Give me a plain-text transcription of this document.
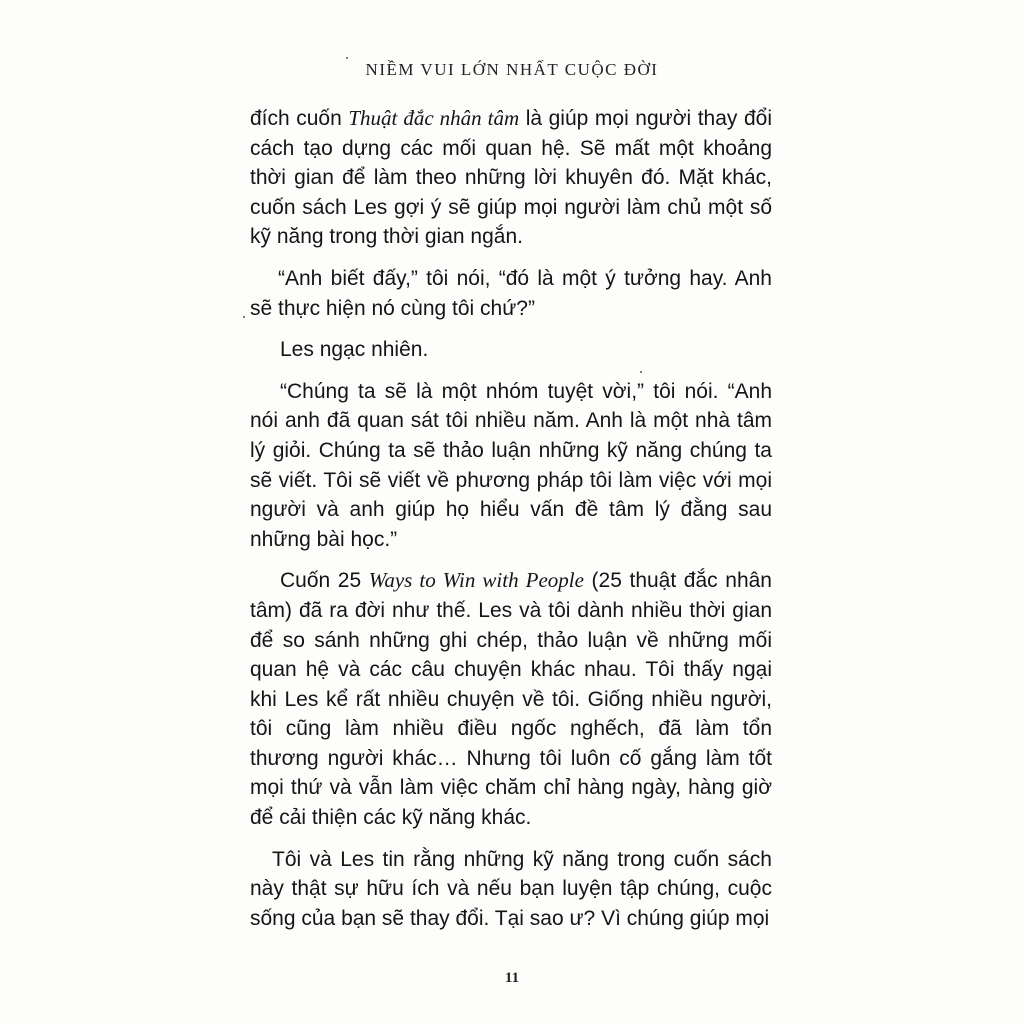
NIỀM VUI LỚN NHẤT CUỘC ĐỜI

đích cuốn Thuật đắc nhân tâm là giúp mọi người thay đổi cách tạo dựng các mối quan hệ. Sẽ mất một khoảng thời gian để làm theo những lời khuyên đó. Mặt khác, cuốn sách Les gợi ý sẽ giúp mọi người làm chủ một số kỹ năng trong thời gian ngắn.

“Anh biết đấy,” tôi nói, “đó là một ý tưởng hay. Anh sẽ thực hiện nó cùng tôi chứ?”

Les ngạc nhiên.

“Chúng ta sẽ là một nhóm tuyệt vời,” tôi nói. “Anh nói anh đã quan sát tôi nhiều năm. Anh là một nhà tâm lý giỏi. Chúng ta sẽ thảo luận những kỹ năng chúng ta sẽ viết. Tôi sẽ viết về phương pháp tôi làm việc với mọi người và anh giúp họ hiểu vấn đề tâm lý đằng sau những bài học.”

Cuốn 25 Ways to Win with People (25 thuật đắc nhân tâm) đã ra đời như thế. Les và tôi dành nhiều thời gian để so sánh những ghi chép, thảo luận về những mối quan hệ và các câu chuyện khác nhau. Tôi thấy ngại khi Les kể rất nhiều chuyện về tôi. Giống nhiều người, tôi cũng làm nhiều điều ngốc nghếch, đã làm tổn thương người khác… Nhưng tôi luôn cố gắng làm tốt mọi thứ và vẫn làm việc chăm chỉ hàng ngày, hàng giờ để cải thiện các kỹ năng khác.

Tôi và Les tin rằng những kỹ năng trong cuốn sách này thật sự hữu ích và nếu bạn luyện tập chúng, cuộc sống của bạn sẽ thay đổi. Tại sao ư? Vì chúng giúp mọi

11
